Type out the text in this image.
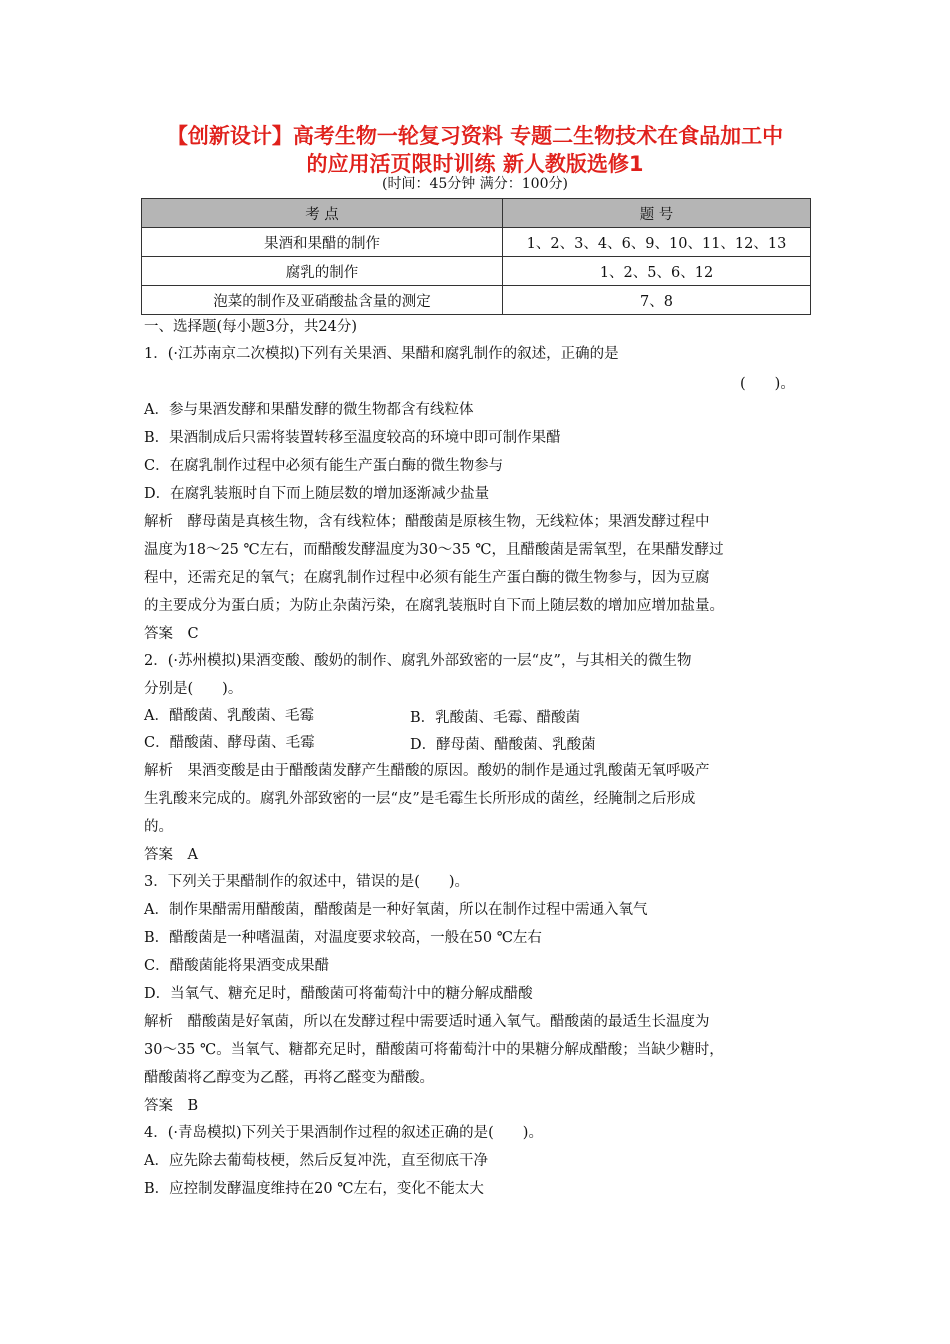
【创新设计】高考生物一轮复习资料 专题二生物技术在食品加工中
的应用活页限时训练 新人教版选修1
(时间：45分钟 满分：100分)
考 点	题 号
果酒和果醋的制作	1、2、3、4、6、9、10、11、12、13
腐乳的制作	1、2、5、6、12
泡菜的制作及亚硝酸盐含量的测定	7、8
一、选择题(每小题3分，共24分)
1．(·江苏南京二次模拟)下列有关果酒、果醋和腐乳制作的叙述，正确的是
(　　)。
A．参与果酒发酵和果醋发酵的微生物都含有线粒体
B．果酒制成后只需将装置转移至温度较高的环境中即可制作果醋
C．在腐乳制作过程中必须有能生产蛋白酶的微生物参与
D．在腐乳装瓶时自下而上随层数的增加逐渐减少盐量
解析　酵母菌是真核生物，含有线粒体；醋酸菌是原核生物，无线粒体；果酒发酵过程中
温度为18～25 ℃左右，而醋酸发酵温度为30～35 ℃，且醋酸菌是需氧型，在果醋发酵过
程中，还需充足的氧气；在腐乳制作过程中必须有能生产蛋白酶的微生物参与，因为豆腐
的主要成分为蛋白质；为防止杂菌污染，在腐乳装瓶时自下而上随层数的增加应增加盐量。
答案　C
2．(·苏州模拟)果酒变酸、酸奶的制作、腐乳外部致密的一层“皮”，与其相关的微生物
分别是(　　)。
A．醋酸菌、乳酸菌、毛霉	B．乳酸菌、毛霉、醋酸菌
C．醋酸菌、酵母菌、毛霉	D．酵母菌、醋酸菌、乳酸菌
解析　果酒变酸是由于醋酸菌发酵产生醋酸的原因。酸奶的制作是通过乳酸菌无氧呼吸产
生乳酸来完成的。腐乳外部致密的一层“皮”是毛霉生长所形成的菌丝，经腌制之后形成
的。
答案　A
3．下列关于果醋制作的叙述中，错误的是(　　)。
A．制作果醋需用醋酸菌，醋酸菌是一种好氧菌，所以在制作过程中需通入氧气
B．醋酸菌是一种嗜温菌，对温度要求较高，一般在50 ℃左右
C．醋酸菌能将果酒变成果醋
D．当氧气、糖充足时，醋酸菌可将葡萄汁中的糖分解成醋酸
解析　醋酸菌是好氧菌，所以在发酵过程中需要适时通入氧气。醋酸菌的最适生长温度为
30～35 ℃。当氧气、糖都充足时，醋酸菌可将葡萄汁中的果糖分解成醋酸；当缺少糖时，
醋酸菌将乙醇变为乙醛，再将乙醛变为醋酸。
答案　B
4．(·青岛模拟)下列关于果酒制作过程的叙述正确的是(　　)。
A．应先除去葡萄枝梗，然后反复冲洗，直至彻底干净
B．应控制发酵温度维持在20 ℃左右，变化不能太大
